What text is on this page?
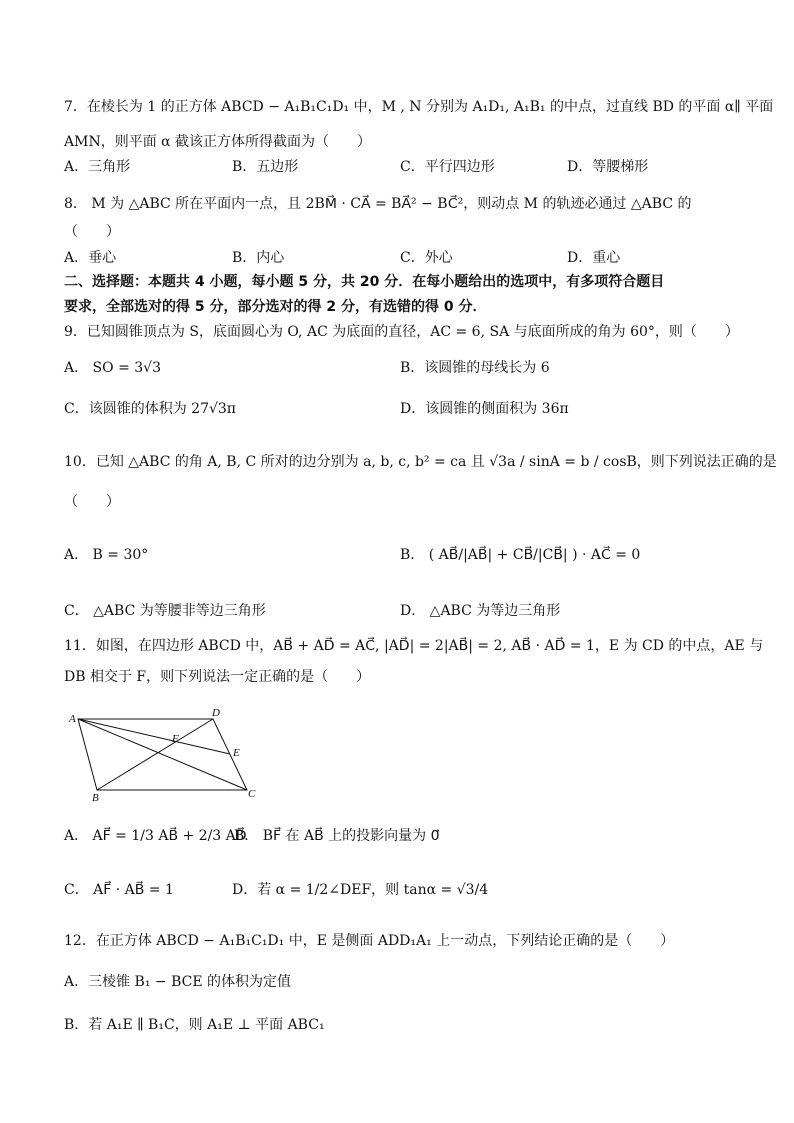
7．在棱长为 1 的正方体 ABCD − A₁B₁C₁D₁ 中，M , N 分别为 A₁D₁, A₁B₁ 的中点，过直线 BD 的平面 α∥ 平面
AMN，则平面 α 截该正方体所得截面为（　　）
A．三角形	B．五边形	C．平行四边形	D．等腰梯形
8． M 为 △ABC 所在平面内一点，且 2BM⃗ · CA⃗ = BA⃗² − BC⃗²，则动点 M 的轨迹必通过 △ABC 的
（　　）
A．垂心	B．内心	C．外心	D．重心
二、选择题：本题共 4 小题，每小题 5 分，共 20 分．在每小题给出的选项中，有多项符合题目
要求，全部选对的得 5 分，部分选对的得 2 分，有选错的得 0 分．
9．已知圆锥顶点为 S，底面圆心为 O, AC 为底面的直径，AC = 6, SA 与底面所成的角为 60°，则（　　）
A． SO = 3√3	B．该圆锥的母线长为 6
C．该圆锥的体积为 27√3π	D．该圆锥的侧面积为 36π
10．已知 △ABC 的角 A, B, C 所对的边分别为 a, b, c, b² = ca 且 √3a / sinA = b / cosB，则下列说法正确的是
（　　）
A． B = 30°	B． ( AB⃗/|AB⃗| + CB⃗/|CB⃗| ) · AC⃗ = 0
C． △ABC 为等腰非等边三角形	D． △ABC 为等边三角形
11．如图，在四边形 ABCD 中，AB⃗ + AD⃗ = AC⃗, |AD⃗| = 2|AB⃗| = 2, AB⃗ · AD⃗ = 1，E 为 CD 的中点，AE 与
DB 相交于 F，则下列说法一定正确的是（　　）
A	D
F
E
B	C
A． AF⃗ = 1/3 AB⃗ + 2/3 AD⃗
B． BF⃗ 在 AB⃗ 上的投影向量为 0⃗
C． AF⃗ · AB⃗ = 1	D．若 α = 1/2∠DEF，则 tanα = √3/4
12．在正方体 ABCD − A₁B₁C₁D₁ 中，E 是侧面 ADD₁A₁ 上一动点，下列结论正确的是（　　）
A．三棱锥 B₁ − BCE 的体积为定值
B．若 A₁E ∥ B₁C，则 A₁E ⊥ 平面 ABC₁
